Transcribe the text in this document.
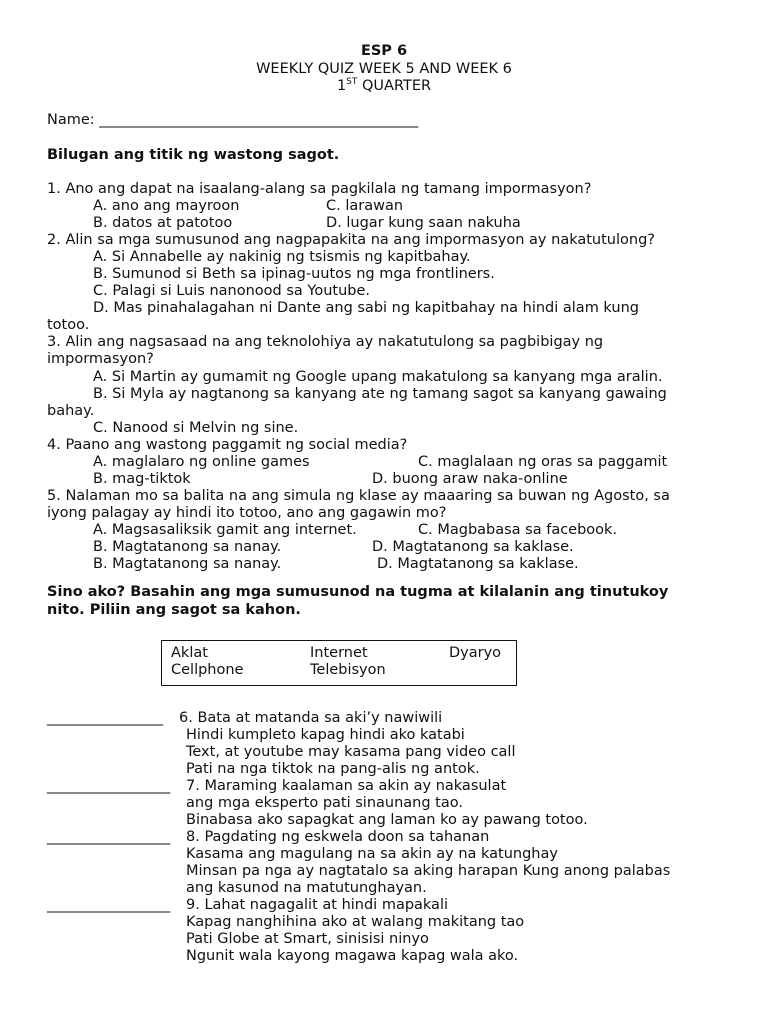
ESP 6
WEEKLY QUIZ WEEK 5 AND WEEK 6
1ST QUARTER
Name: ____________________________________________
Bilugan ang titik ng wastong sagot.
1. Ano ang dapat na isaalang-alang sa pagkilala ng tamang impormasyon?
A. ano ang mayroon	C. larawan
B. datos at patotoo	D. lugar kung saan nakuha
2. Alin sa mga sumusunod ang nagpapakita na ang impormasyon ay nakatutulong?
A. Si Annabelle ay nakinig ng tsismis ng kapitbahay.
B. Sumunod si Beth sa ipinag-uutos ng mga frontliners.
C. Palagi si Luis nanonood sa Youtube.
D. Mas pinahalagahan ni Dante ang sabi ng kapitbahay na hindi alam kung
totoo.
3. Alin ang nagsasaad na ang teknolohiya ay nakatutulong sa pagbibigay ng
impormasyon?
A. Si Martin ay gumamit ng Google upang makatulong sa kanyang mga aralin.
B. Si Myla ay nagtanong sa kanyang ate ng tamang sagot sa kanyang gawaing
bahay.
C. Nanood si Melvin ng sine.
4. Paano ang wastong paggamit ng social media?
A. maglalaro ng online games	C. maglalaan ng oras sa paggamit
B. mag-tiktok	D. buong araw naka-online
5. Nalaman mo sa balita na ang simula ng klase ay maaaring sa buwan ng Agosto, sa
iyong palagay ay hindi ito totoo, ano ang gagawin mo?
A. Magsasaliksik gamit ang internet.	C. Magbabasa sa facebook.
B. Magtatanong sa nanay.	D. Magtatanong sa kaklase.
B. Magtatanong sa nanay.	D. Magtatanong sa kaklase.
Sino ako? Basahin ang mga sumusunod na tugma at kilalanin ang tinutukoy
nito. Piliin ang sagot sa kahon.
Aklat	Internet	Dyaryo
Cellphone	Telebisyon
________________ 6. Bata at matanda sa aki’y nawiwili
Hindi kumpleto kapag hindi ako katabi
Text, at youtube may kasama pang video call
Pati na nga tiktok na pang-alis ng antok.
_________________ 7. Maraming kaalaman sa akin ay nakasulat
ang mga eksperto pati sinaunang tao.
Binabasa ako sapagkat ang laman ko ay pawang totoo.
_________________ 8. Pagdating ng eskwela doon sa tahanan
Kasama ang magulang na sa akin ay na katunghay
Minsan pa nga ay nagtatalo sa aking harapan Kung anong palabas
ang kasunod na matutunghayan.
_________________ 9. Lahat nagagalit at hindi mapakali
Kapag nanghihina ako at walang makitang tao
Pati Globe at Smart, sinisisi ninyo
Ngunit wala kayong magawa kapag wala ako.
